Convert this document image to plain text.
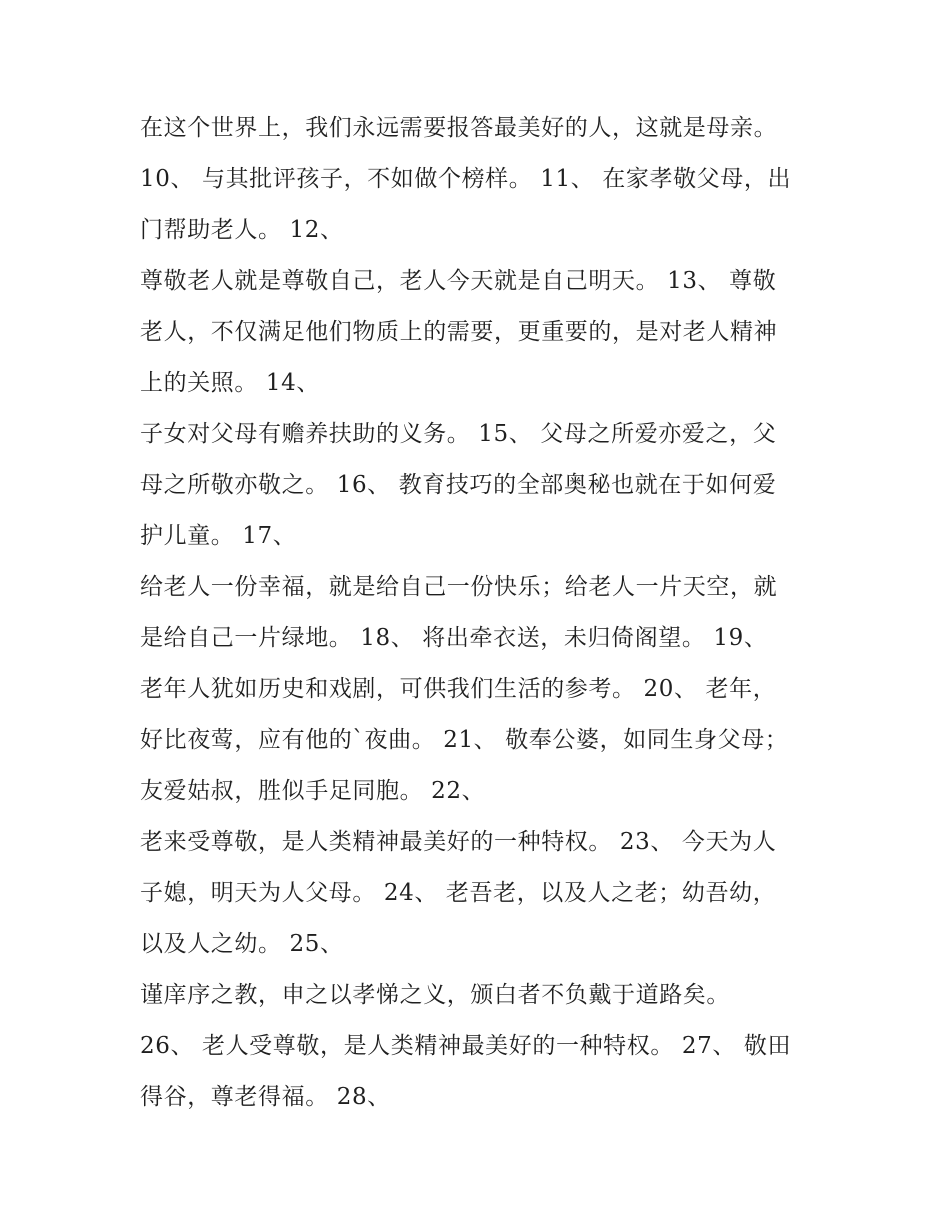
在这个世界上，我们永远需要报答最美好的人，这就是母亲。
10、 与其批评孩子，不如做个榜样。 11、 在家孝敬父母，出
门帮助老人。 12、
尊敬老人就是尊敬自己，老人今天就是自己明天。 13、 尊敬
老人，不仅满足他们物质上的需要，更重要的，是对老人精神
上的关照。 14、
子女对父母有赡养扶助的义务。 15、 父母之所爱亦爱之，父
母之所敬亦敬之。 16、 教育技巧的全部奥秘也就在于如何爱
护儿童。 17、
给老人一份幸福，就是给自己一份快乐；给老人一片天空，就
是给自己一片绿地。 18、 将出牵衣送，未归倚阁望。 19、
老年人犹如历史和戏剧，可供我们生活的参考。 20、 老年，
好比夜莺，应有他的`夜曲。 21、 敬奉公婆，如同生身父母；
友爱姑叔，胜似手足同胞。 22、
老来受尊敬，是人类精神最美好的一种特权。 23、 今天为人
子媳，明天为人父母。 24、 老吾老，以及人之老；幼吾幼，
以及人之幼。 25、
谨庠序之教，申之以孝悌之义，颁白者不负戴于道路矣。
26、 老人受尊敬，是人类精神最美好的一种特权。 27、 敬田
得谷，尊老得福。 28、
